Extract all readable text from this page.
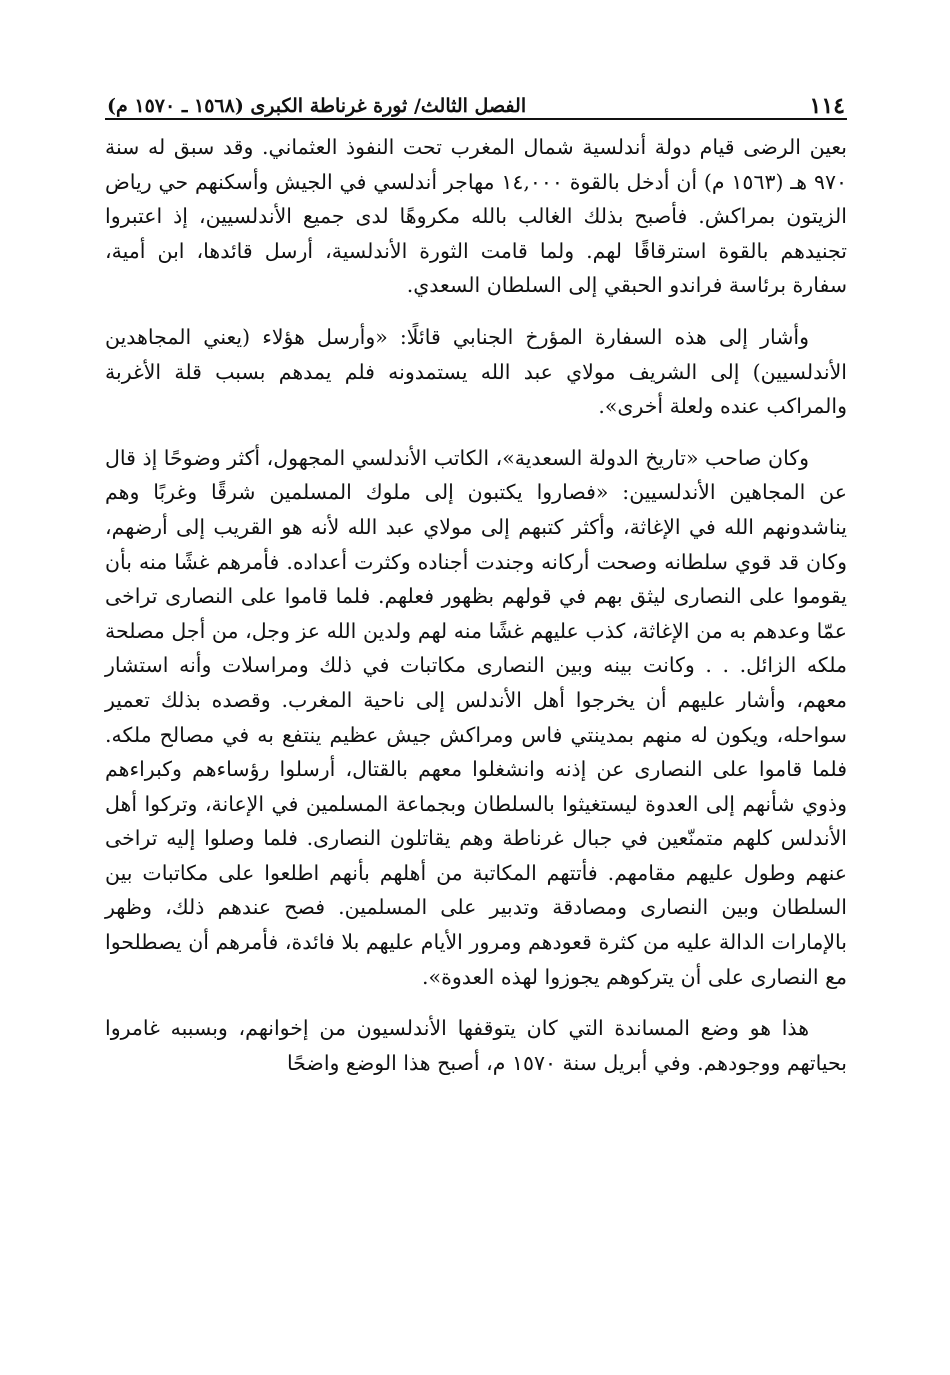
١١٤
الفصل الثالث/ ثورة غرناطة الكبرى (١٥٦٨ ـ ١٥٧٠ م)

بعين الرضى قيام دولة أندلسية شمال المغرب تحت النفوذ العثماني. وقد سبق له سنة ٩٧٠ هـ (١٥٦٣ م) أن أدخل بالقوة ١٤,٠٠٠ مهاجر أندلسي في الجيش وأسكنهم حي رياض الزيتون بمراكش. فأصبح بذلك الغالب بالله مكروهًا لدى جميع الأندلسيين، إذ اعتبروا تجنيدهم بالقوة استرقاقًا لهم. ولما قامت الثورة الأندلسية، أرسل قائدها، ابن أمية، سفارة برئاسة فراندو الحبقي إلى السلطان السعدي.

وأشار إلى هذه السفارة المؤرخ الجنابي قائلًا: «وأرسل هؤلاء (يعني المجاهدين الأندلسيين) إلى الشريف مولاي عبد الله يستمدونه فلم يمدهم بسبب قلة الأغربة والمراكب عنده ولعلة أخرى».

وكان صاحب «تاريخ الدولة السعدية»، الكاتب الأندلسي المجهول، أكثر وضوحًا إذ قال عن المجاهين الأندلسيين: «فصاروا يكتبون إلى ملوك المسلمين شرقًا وغربًا وهم يناشدونهم الله في الإغاثة، وأكثر كتبهم إلى مولاي عبد الله لأنه هو القريب إلى أرضهم، وكان قد قوي سلطانه وصحت أركانه وجندت أجناده وكثرت أعداده. فأمرهم غشًا منه بأن يقوموا على النصارى ليثق بهم في قولهم بظهور فعلهم. فلما قاموا على النصارى تراخى عمّا وعدهم به من الإغاثة، كذب عليهم غشًا منه لهم ولدين الله عز وجل، من أجل مصلحة ملكه الزائل. . . وكانت بينه وبين النصارى مكاتبات في ذلك ومراسلات وأنه استشار معهم، وأشار عليهم أن يخرجوا أهل الأندلس إلى ناحية المغرب. وقصده بذلك تعمير سواحله، ويكون له منهم بمدينتي فاس ومراكش جيش عظيم ينتفع به في مصالح ملكه. فلما قاموا على النصارى عن إذنه وانشغلوا معهم بالقتال، أرسلوا رؤساءهم وكبراءهم وذوي شأنهم إلى العدوة ليستغيثوا بالسلطان وبجماعة المسلمين في الإعانة، وتركوا أهل الأندلس كلهم متمنّعين في جبال غرناطة وهم يقاتلون النصارى. فلما وصلوا إليه تراخى عنهم وطول عليهم مقامهم. فأتتهم المكاتبة من أهلهم بأنهم اطلعوا على مكاتبات بين السلطان وبين النصارى ومصادقة وتدبير على المسلمين. فصح عندهم ذلك، وظهر بالإمارات الدالة عليه من كثرة قعودهم ومرور الأيام عليهم بلا فائدة، فأمرهم أن يصطلحوا مع النصارى على أن يتركوهم يجوزوا لهذه العدوة».

هذا هو وضع المساندة التي كان يتوقفها الأندلسيون من إخوانهم، وبسببه غامروا بحياتهم ووجودهم. وفي أبريل سنة ١٥٧٠ م، أصبح هذا الوضع واضحًا
